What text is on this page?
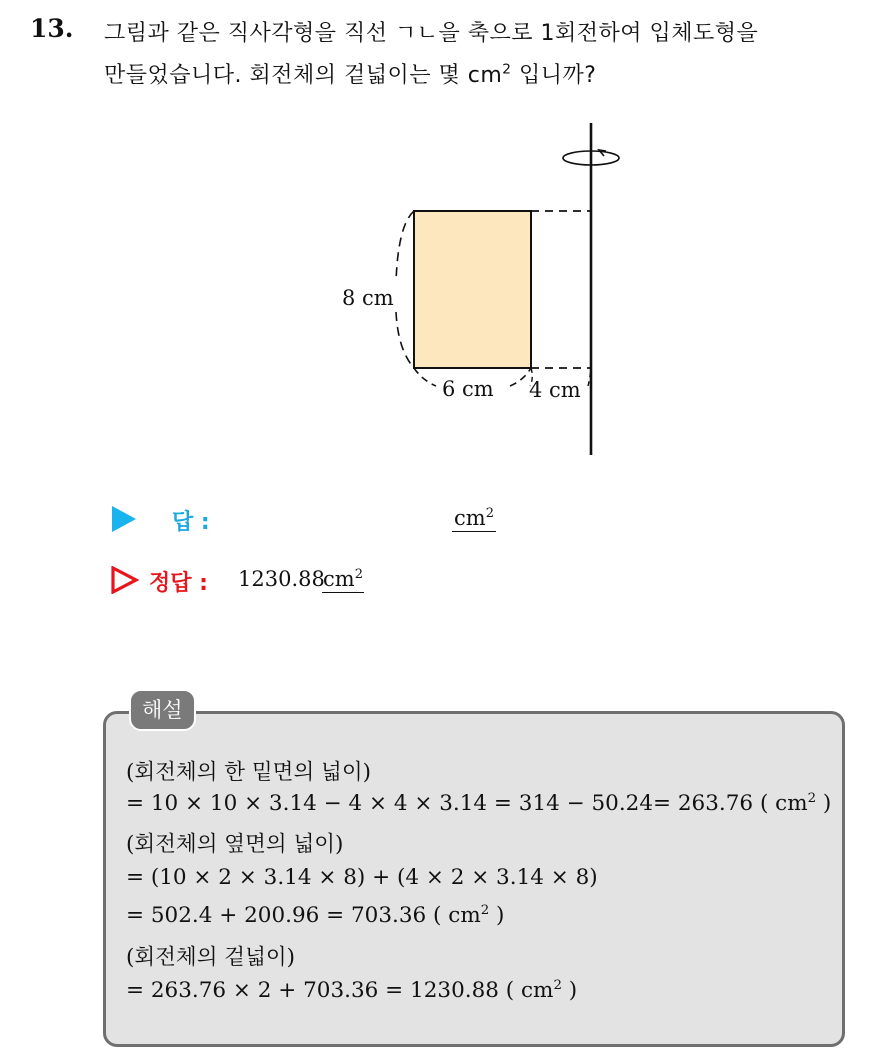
13. 그림과 같은 직사각형을 직선 ㄱㄴ을 축으로 1회전하여 입체도형을
만들었습니다. 회전체의 겉넓이는 몇 $cm^2$ 입니까?
8 cm
6 cm 4 cm
답 :	$cm^2$
정답 : 1230.88
$cm^2$
해설
(회전체의 한 밑면의 넓이)
= 10 × 10 × 3.14 − 4 × 4 × 3.14 = 314 − 50.24= 263.76 ( $cm^2$ )
(회전체의 옆면의 넓이)
= (10 × 2 × 3.14 × 8) + (4 × 2 × 3.14 × 8)
= 502.4 + 200.96 = 703.36 ( $cm^2$ )
(회전체의 겉넓이)
= 263.76 × 2 + 703.36 = 1230.88 ( $cm^2$ )
